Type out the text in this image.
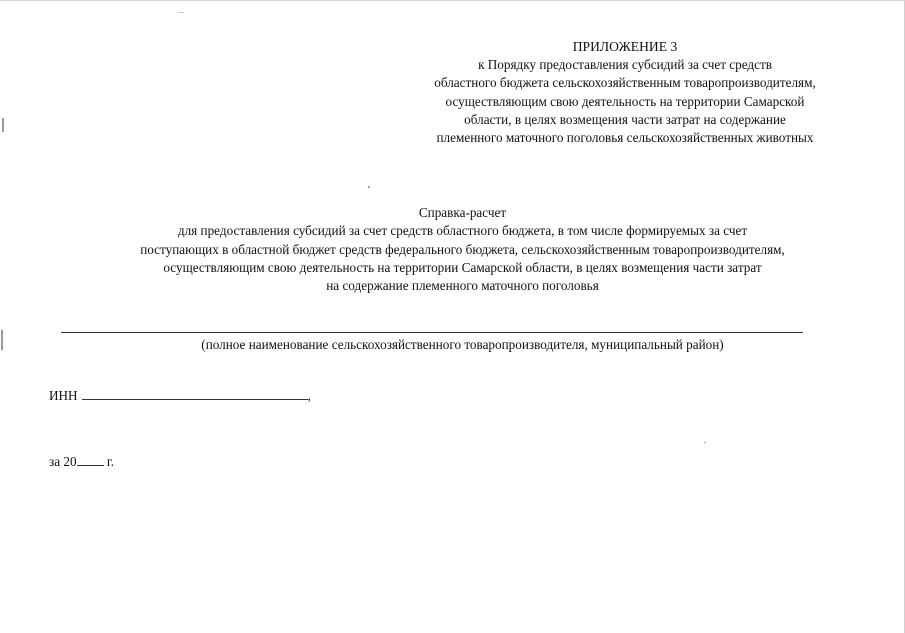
ПРИЛОЖЕНИЕ 3
к Порядку предоставления субсидий за счет средств
областного бюджета сельскохозяйственным товаропроизводителям,
осуществляющим свою деятельность на территории Самарской
области, в целях возмещения части затрат на содержание
племенного маточного поголовья сельскохозяйственных животных
Справка-расчет
для предоставления субсидий за счет средств областного бюджета, в том числе формируемых за счет
поступающих в областной бюджет средств федерального бюджета, сельскохозяйственным товаропроизводителям,
осуществляющим свою деятельность на территории Самарской области, в целях возмещения части затрат
на содержание племенного маточного поголовья
(полное наименование сельскохозяйственного товаропроизводителя, муниципальный район)
ИНН	,
за 20 г.
